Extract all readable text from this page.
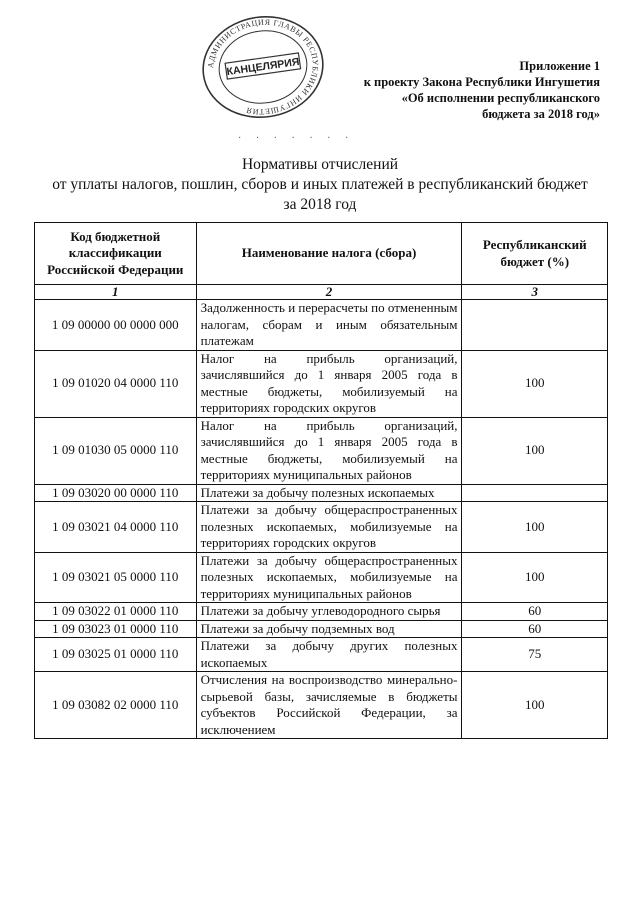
АДМИНИСТРАЦИЯ ГЛАВЫ РЕСПУБЛИКИ ИНГУШЕТИЯ
КАНЦЕЛЯРИЯ	Приложение 1
к проекту Закона Республики Ингушетия
«Об исполнении республиканского
бюджета за 2018 год»
· · · · · · ·
Нормативы отчислений
от уплаты налогов, пошлин, сборов и иных платежей в республиканский бюджет
за 2018 год
Код бюджетной классификации Российской Федерации	Наименование налога (сбора)	Республиканский бюджет (%)
1	2	3
1 09 00000 00 0000 000	Задолженность и перерасчеты по отмененным налогам, сборам и иным обязательным платежам	
1 09 01020 04 0000 110	Налог на прибыль организаций, зачислявшийся до 1 января 2005 года в местные бюджеты, мобилизуемый на территориях городских округов	100
1 09 01030 05 0000 110	Налог на прибыль организаций, зачислявшийся до 1 января 2005 года в местные бюджеты, мобилизуемый на территориях муниципальных районов	100
1 09 03020 00 0000 110	Платежи за добычу полезных ископаемых	
1 09 03021 04 0000 110	Платежи за добычу общераспространенных полезных ископаемых, мобилизуемые на территориях городских округов	100
1 09 03021 05 0000 110	Платежи за добычу общераспространенных полезных ископаемых, мобилизуемые на территориях муниципальных районов	100
1 09 03022 01 0000 110	Платежи за добычу углеводородного сырья	60
1 09 03023 01 0000 110	Платежи за добычу подземных вод	60
1 09 03025 01 0000 110	Платежи за добычу других полезных ископаемых	75
1 09 03082 02 0000 110	Отчисления на воспроизводство минерально-сырьевой базы, зачисляемые в бюджеты субъектов Российской Федерации, за исключением	100
